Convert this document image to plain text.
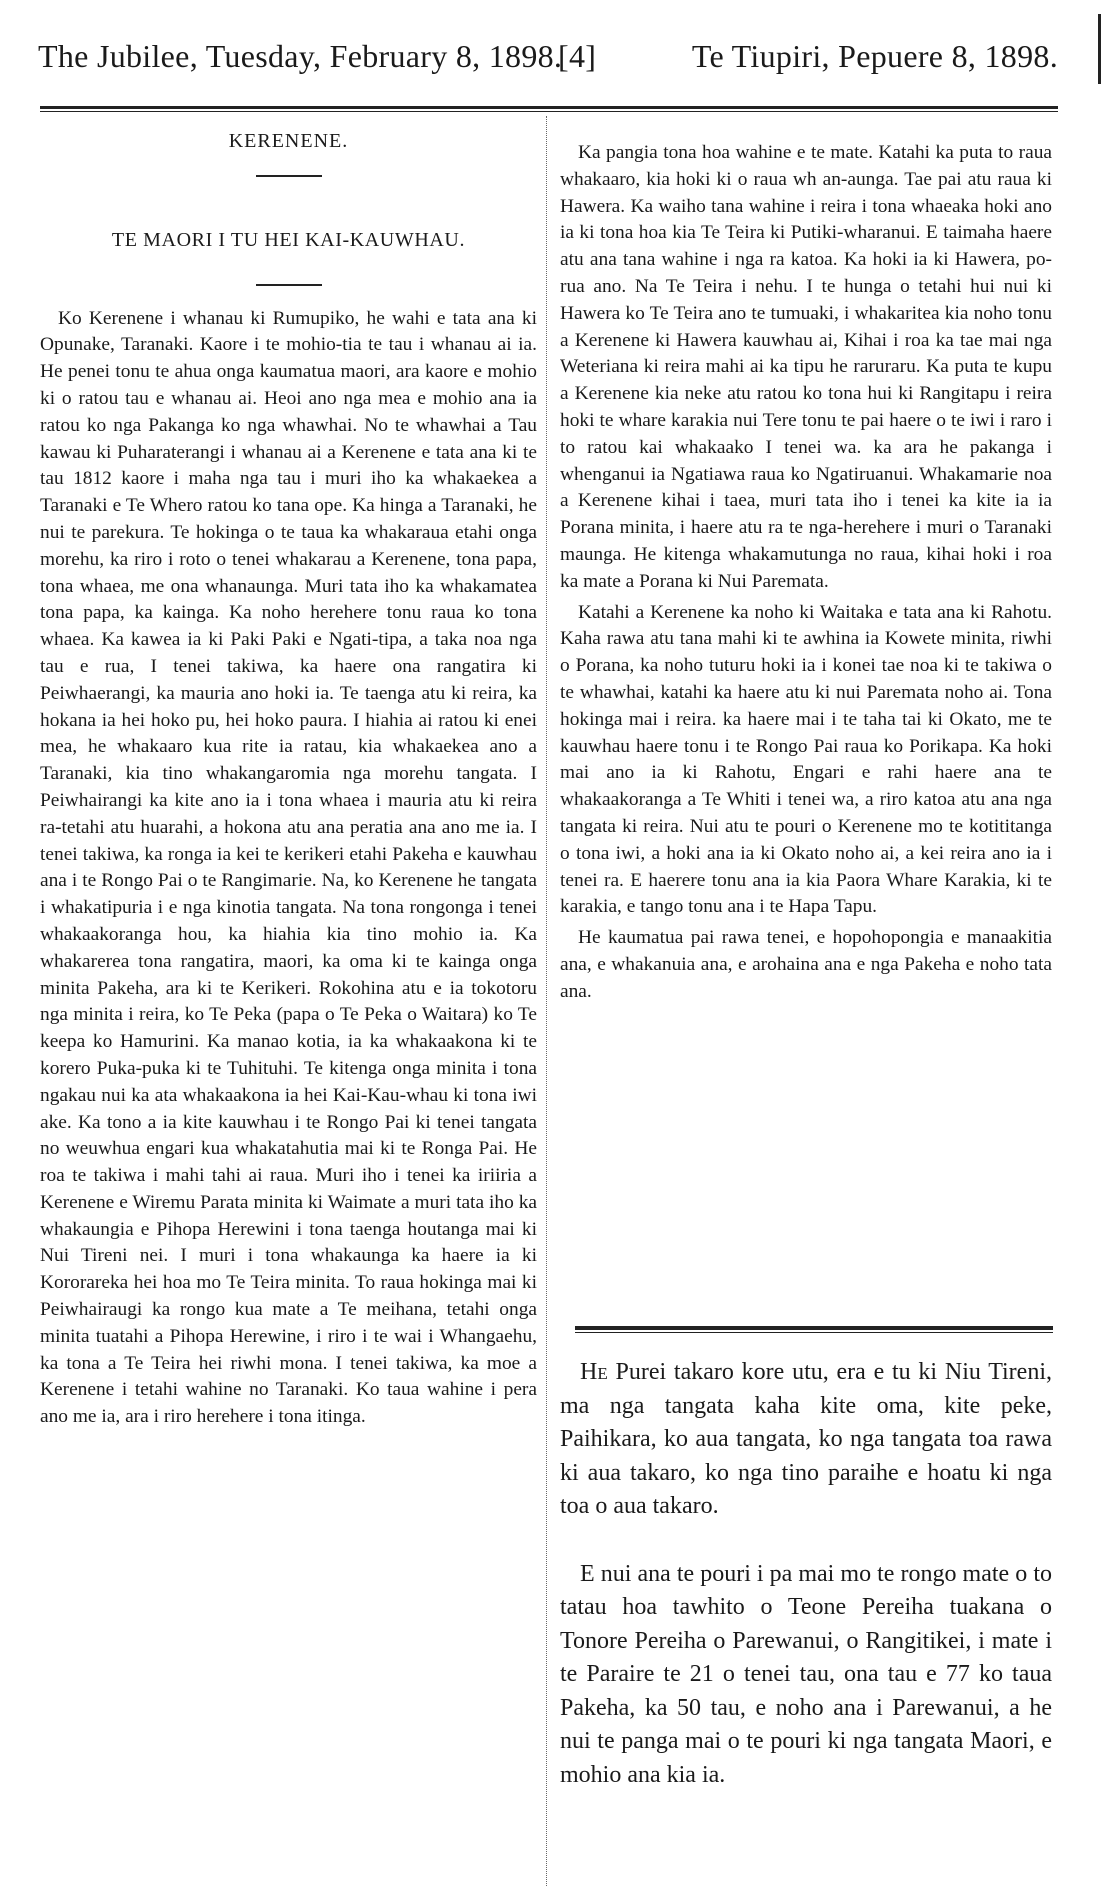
The Jubilee, Tuesday, February 8, 1898.
[4]	Te Tiupiri, Pepuere 8, 1898.

KERENENE.

TE MAORI I TU HEI KAI-KAUWHAU.

Ko Kerenene i whanau ki Rumupiko, he wahi e tata ana ki Opunake, Taranaki. Kaore i te mohio-tia te tau i whanau ai ia. He penei tonu te ahua onga kaumatua maori, ara kaore e mohio ki o ratou tau e whanau ai. Heoi ano nga mea e mohio ana ia ratou ko nga Pakanga ko nga whawhai. No te whawhai a Tau kawau ki Puharaterangi i whanau ai a Kerenene e tata ana ki te tau 1812 kaore i maha nga tau i muri iho ka whakaekea a Taranaki e Te Whero ratou ko tana ope. Ka hinga a Taranaki, he nui te parekura. Te hokinga o te taua ka whakaraua etahi onga morehu, ka riro i roto o tenei whakarau a Kerenene, tona papa, tona whaea, me ona whanaunga. Muri tata iho ka whakamatea tona papa, ka kainga. Ka noho herehere tonu raua ko tona whaea. Ka kawea ia ki Paki Paki e Ngati-tipa, a taka noa nga tau e rua, I tenei takiwa, ka haere ona rangatira ki Peiwhaerangi, ka mauria ano hoki ia. Te taenga atu ki reira, ka hokana ia hei hoko pu, hei hoko paura. I hiahia ai ratou ki enei mea, he whakaaro kua rite ia ratau, kia whakaekea ano a Taranaki, kia tino whakangaromia nga morehu tangata. I Peiwhairangi ka kite ano ia i tona whaea i mauria atu ki reira ra-tetahi atu huarahi, a hokona atu ana peratia ana ano me ia. I tenei takiwa, ka ronga ia kei te kerikeri etahi Pakeha e kauwhau ana i te Rongo Pai o te Rangimarie. Na, ko Kerenene he tangata i whakatipuria i e nga kinotia tangata. Na tona rongonga i tenei whakaakoranga hou, ka hiahia kia tino mohio ia. Ka whakarerea tona rangatira, maori, ka oma ki te kainga onga minita Pakeha, ara ki te Kerikeri. Rokohina atu e ia tokotoru nga minita i reira, ko Te Peka (papa o Te Peka o Waitara) ko Te keepa ko Hamurini. Ka manao kotia, ia ka whakaakona ki te korero Puka-puka ki te Tuhituhi. Te kitenga onga minita i tona ngakau nui ka ata whakaakona ia hei Kai-Kau-whau ki tona iwi ake. Ka tono a ia kite kauwhau i te Rongo Pai ki tenei tangata no weuwhua engari kua whakatahutia mai ki te Ronga Pai. He roa te takiwa i mahi tahi ai raua. Muri iho i tenei ka iriiria a Kerenene e Wiremu Parata minita ki Waimate a muri tata iho ka whakaungia e Pihopa Herewini i tona taenga houtanga mai ki Nui Tireni nei. I muri i tona whakaunga ka haere ia ki Kororareka hei hoa mo Te Teira minita. To raua hokinga mai ki Peiwhairaugi ka rongo kua mate a Te meihana, tetahi onga minita tuatahi a Pihopa Herewine, i riro i te wai i Whangaehu, ka tona a Te Teira hei riwhi mona. I tenei takiwa, ka moe a Kerenene i tetahi wahine no Taranaki. Ko taua wahine i pera ano me ia, ara i riro herehere i tona itinga.

Ka pangia tona hoa wahine e te mate. Katahi ka puta to raua whakaaro, kia hoki ki o raua wh an-aunga. Tae pai atu raua ki Hawera. Ka waiho tana wahine i reira i tona whaeaka hoki ano ia ki tona hoa kia Te Teira ki Putiki-wharanui. E taimaha haere atu ana tana wahine i nga ra katoa. Ka hoki ia ki Hawera, po-rua ano. Na Te Teira i nehu. I te hunga o tetahi hui nui ki Hawera ko Te Teira ano te tumuaki, i whakaritea kia noho tonu a Kerenene ki Hawera kauwhau ai, Kihai i roa ka tae mai nga Weteriana ki reira mahi ai ka tipu he raruraru. Ka puta te kupu a Kerenene kia neke atu ratou ko tona hui ki Rangitapu i reira hoki te whare karakia nui Tere tonu te pai haere o te iwi i raro i to ratou kai whakaako I tenei wa. ka ara he pakanga i whenganui ia Ngatiawa raua ko Ngatiruanui. Whakamarie noa a Kerenene kihai i taea, muri tata iho i tenei ka kite ia ia Porana minita, i haere atu ra te nga-herehere i muri o Taranaki maunga. He kitenga whakamutunga no raua, kihai hoki i roa ka mate a Porana ki Nui Paremata.

Katahi a Kerenene ka noho ki Waitaka e tata ana ki Rahotu. Kaha rawa atu tana mahi ki te awhina ia Kowete minita, riwhi o Porana, ka noho tuturu hoki ia i konei tae noa ki te takiwa o te whawhai, katahi ka haere atu ki nui Paremata noho ai. Tona hokinga mai i reira. ka haere mai i te taha tai ki Okato, me te kauwhau haere tonu i te Rongo Pai raua ko Porikapa. Ka hoki mai ano ia ki Rahotu, Engari e rahi haere ana te whakaakoranga a Te Whiti i tenei wa, a riro katoa atu ana nga tangata ki reira. Nui atu te pouri o Kerenene mo te kotititanga o tona iwi, a hoki ana ia ki Okato noho ai, a kei reira ano ia i tenei ra. E haerere tonu ana ia kia Paora Whare Karakia, ki te karakia, e tango tonu ana i te Hapa Tapu.

He kaumatua pai rawa tenei, e hopohopongia e manaakitia ana, e whakanuia ana, e arohaina ana e nga Pakeha e noho tata ana.

He Purei takaro kore utu, era e tu ki Niu Tireni, ma nga tangata kaha kite oma, kite peke, Paihikara, ko aua tangata, ko nga tangata toa rawa ki aua takaro, ko nga tino paraihe e hoatu ki nga toa o aua takaro.

E nui ana te pouri i pa mai mo te rongo mate o to tatau hoa tawhito o Teone Pereiha tuakana o Tonore Pereiha o Parewanui, o Rangitikei, i mate i te Paraire te 21 o tenei tau, ona tau e 77 ko taua Pakeha, ka 50 tau, e noho ana i Parewanui, a he nui te panga mai o te pouri ki nga tangata Maori, e mohio ana kia ia.
